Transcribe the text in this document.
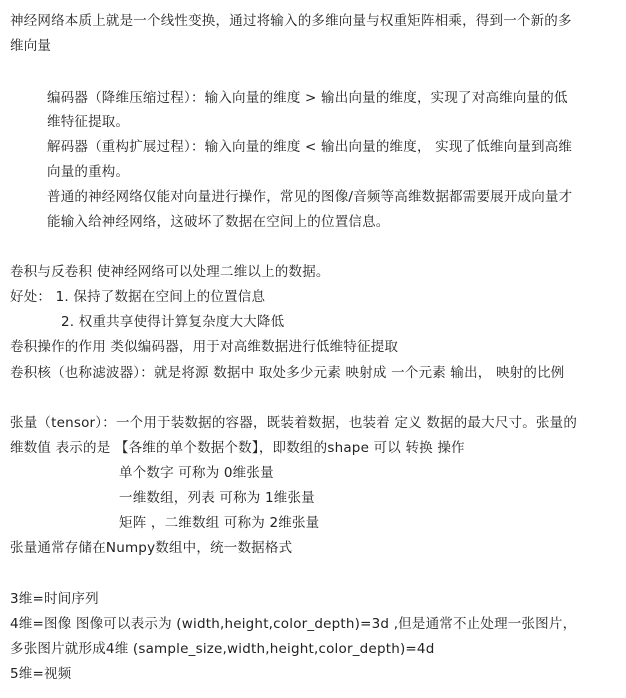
神经网络本质上就是一个线性变换，通过将输入的多维向量与权重矩阵相乘，得到一个新的多
维向量
编码器（降维压缩过程）：输入向量的维度 > 输出向量的维度，实现了对高维向量的低
维特征提取。
解码器（重构扩展过程）：输入向量的维度 < 输出向量的维度， 实现了低维向量到高维
向量的重构。
普通的神经网络仅能对向量进行操作，常见的图像/音频等高维数据都需要展开成向量才
能输入给神经网络，这破坏了数据在空间上的位置信息。
卷积与反卷积 使神经网络可以处理二维以上的数据。
好处： 1. 保持了数据在空间上的位置信息
2. 权重共享使得计算复杂度大大降低
卷积操作的作用 类似编码器，用于对高维数据进行低维特征提取
卷积核（也称滤波器）：就是将源 数据中 取处多少元素 映射成 一个元素 输出， 映射的比例
张量（tensor）：一个用于装数据的容器，既装着数据，也装着 定义 数据的最大尺寸。张量的
维数值 表示的是 【各维的单个数据个数】，即数组的shape 可以 转换 操作
单个数字 可称为 0维张量
一维数组，列表 可称为 1维张量
矩阵 ，二维数组 可称为 2维张量
张量通常存储在Numpy数组中，统一数据格式
3维=时间序列
4维=图像 图像可以表示为 (width,height,color_depth)=3d ,但是通常不止处理一张图片，
多张图片就形成4维 (sample_size,width,height,color_depth)=4d
5维=视频
